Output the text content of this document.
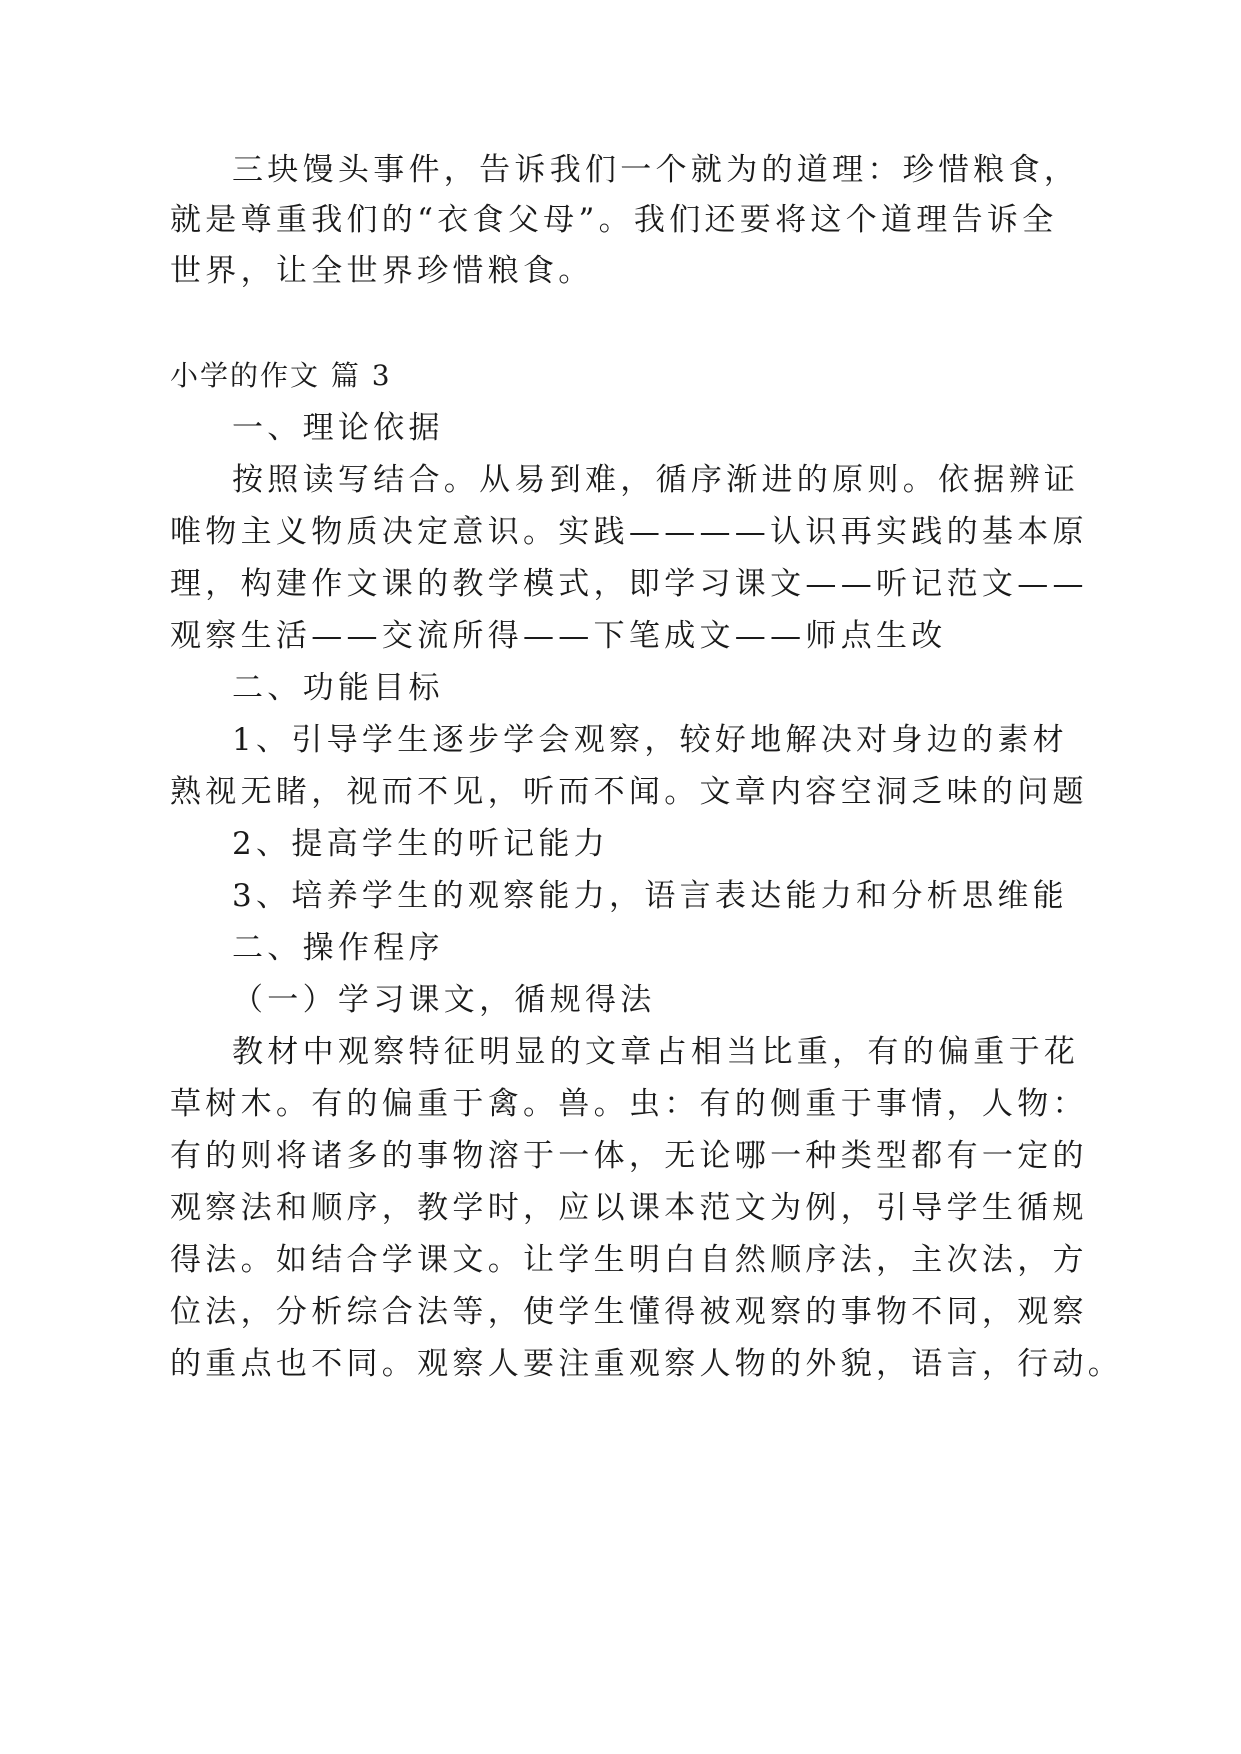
三块馒头事件，告诉我们一个就为的道理：珍惜粮食，
就是尊重我们的“衣食父母”。我们还要将这个道理告诉全
世界，让全世界珍惜粮食。
小学的作文 篇 3
一、理论依据
按照读写结合。从易到难，循序渐进的原则。依据辨证
唯物主义物质决定意识。实践————认识再实践的基本原
理，构建作文课的教学模式，即学习课文——听记范文——
观察生活——交流所得——下笔成文——师点生改
二、功能目标
1、引导学生逐步学会观察，较好地解决对身边的素材
熟视无睹，视而不见，听而不闻。文章内容空洞乏味的问题
2、提高学生的听记能力
3、培养学生的观察能力，语言表达能力和分析思维能
二、操作程序
（一）学习课文，循规得法
教材中观察特征明显的文章占相当比重，有的偏重于花
草树木。有的偏重于禽。兽。虫：有的侧重于事情，人物：
有的则将诸多的事物溶于一体，无论哪一种类型都有一定的
观察法和顺序，教学时，应以课本范文为例，引导学生循规
得法。如结合学课文。让学生明白自然顺序法，主次法，方
位法，分析综合法等，使学生懂得被观察的事物不同，观察
的重点也不同。观察人要注重观察人物的外貌，语言，行动。
